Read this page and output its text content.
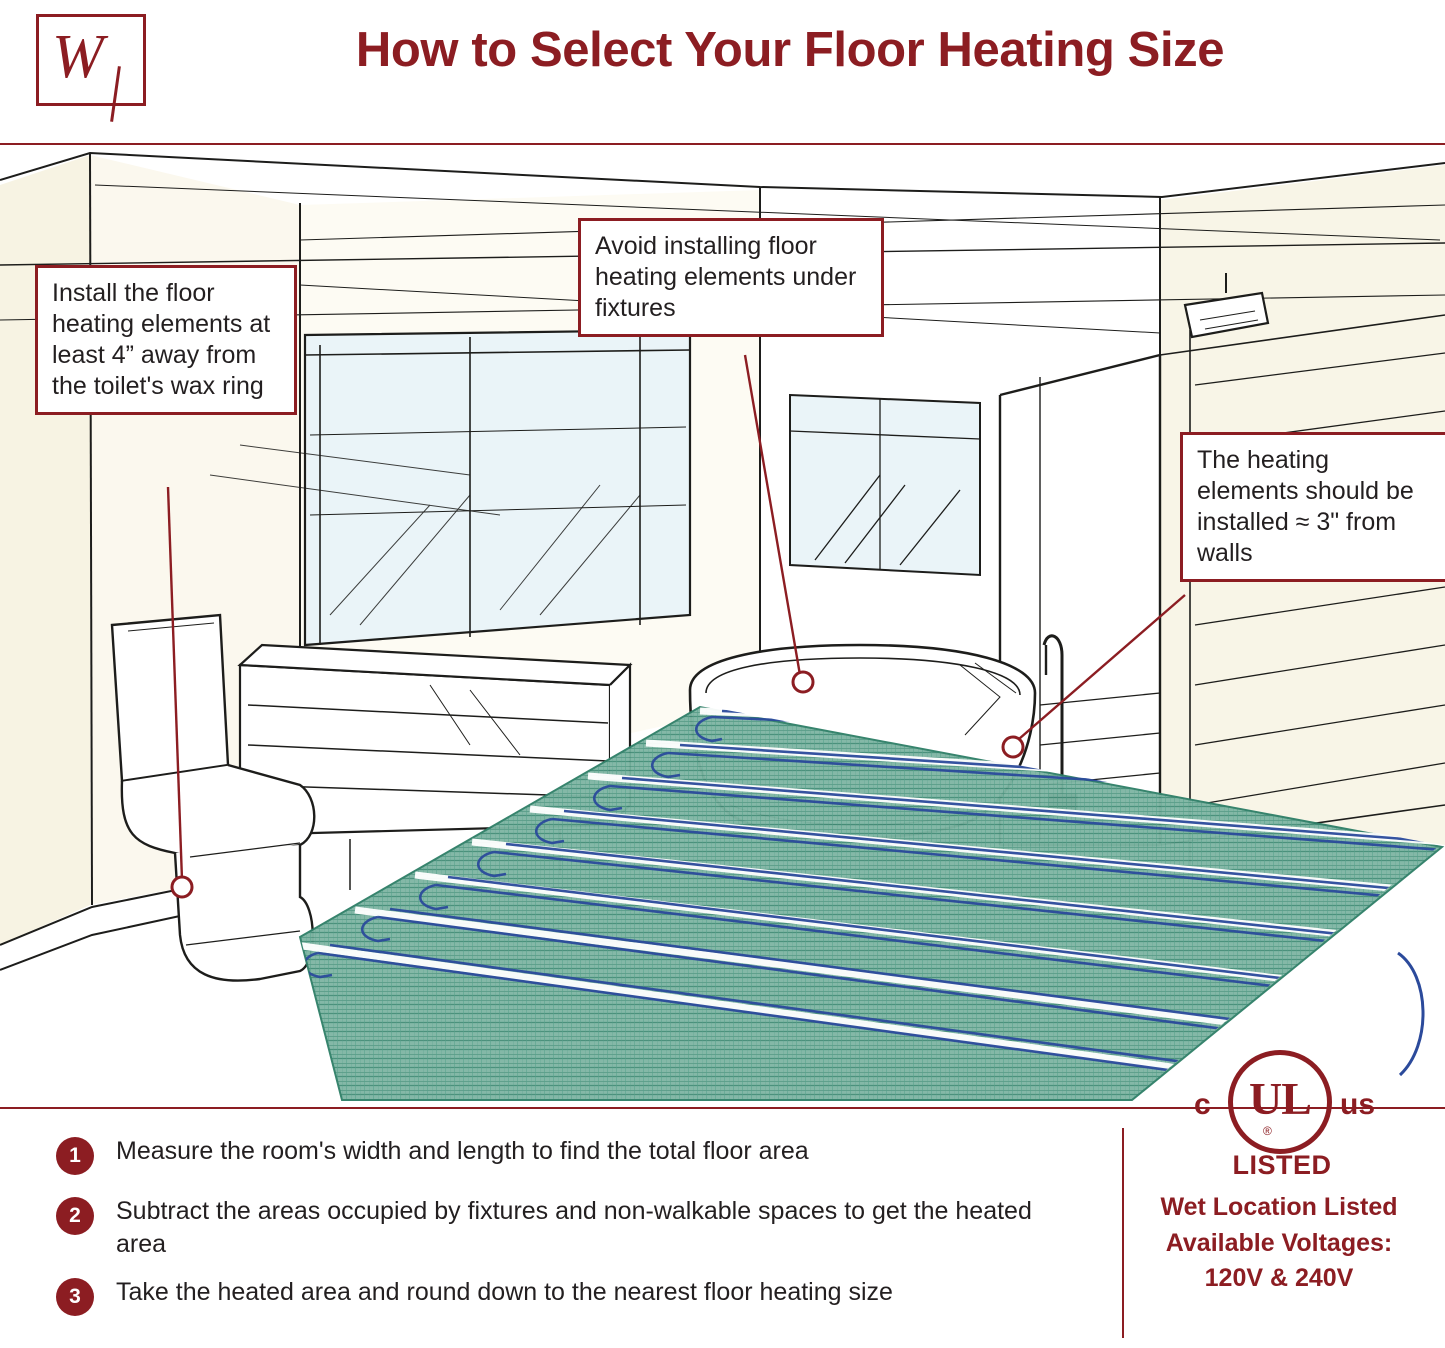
W	How to Select Your Floor Heating Size
Install the floor heating elements at least 4” away from the toilet's wax ring
Avoid installing floor heating elements under fixtures
The heating elements should be installed ≈ 3" from walls
1	Measure the room's width and length to find the total floor area
2	Subtract the areas occupied by fixtures and non-walkable spaces to get the heated area
3	Take the heated area and round down to the nearest floor heating size
UL
®
c	us
LISTED
Wet Location Listed
Available Voltages:
120V & 240V
